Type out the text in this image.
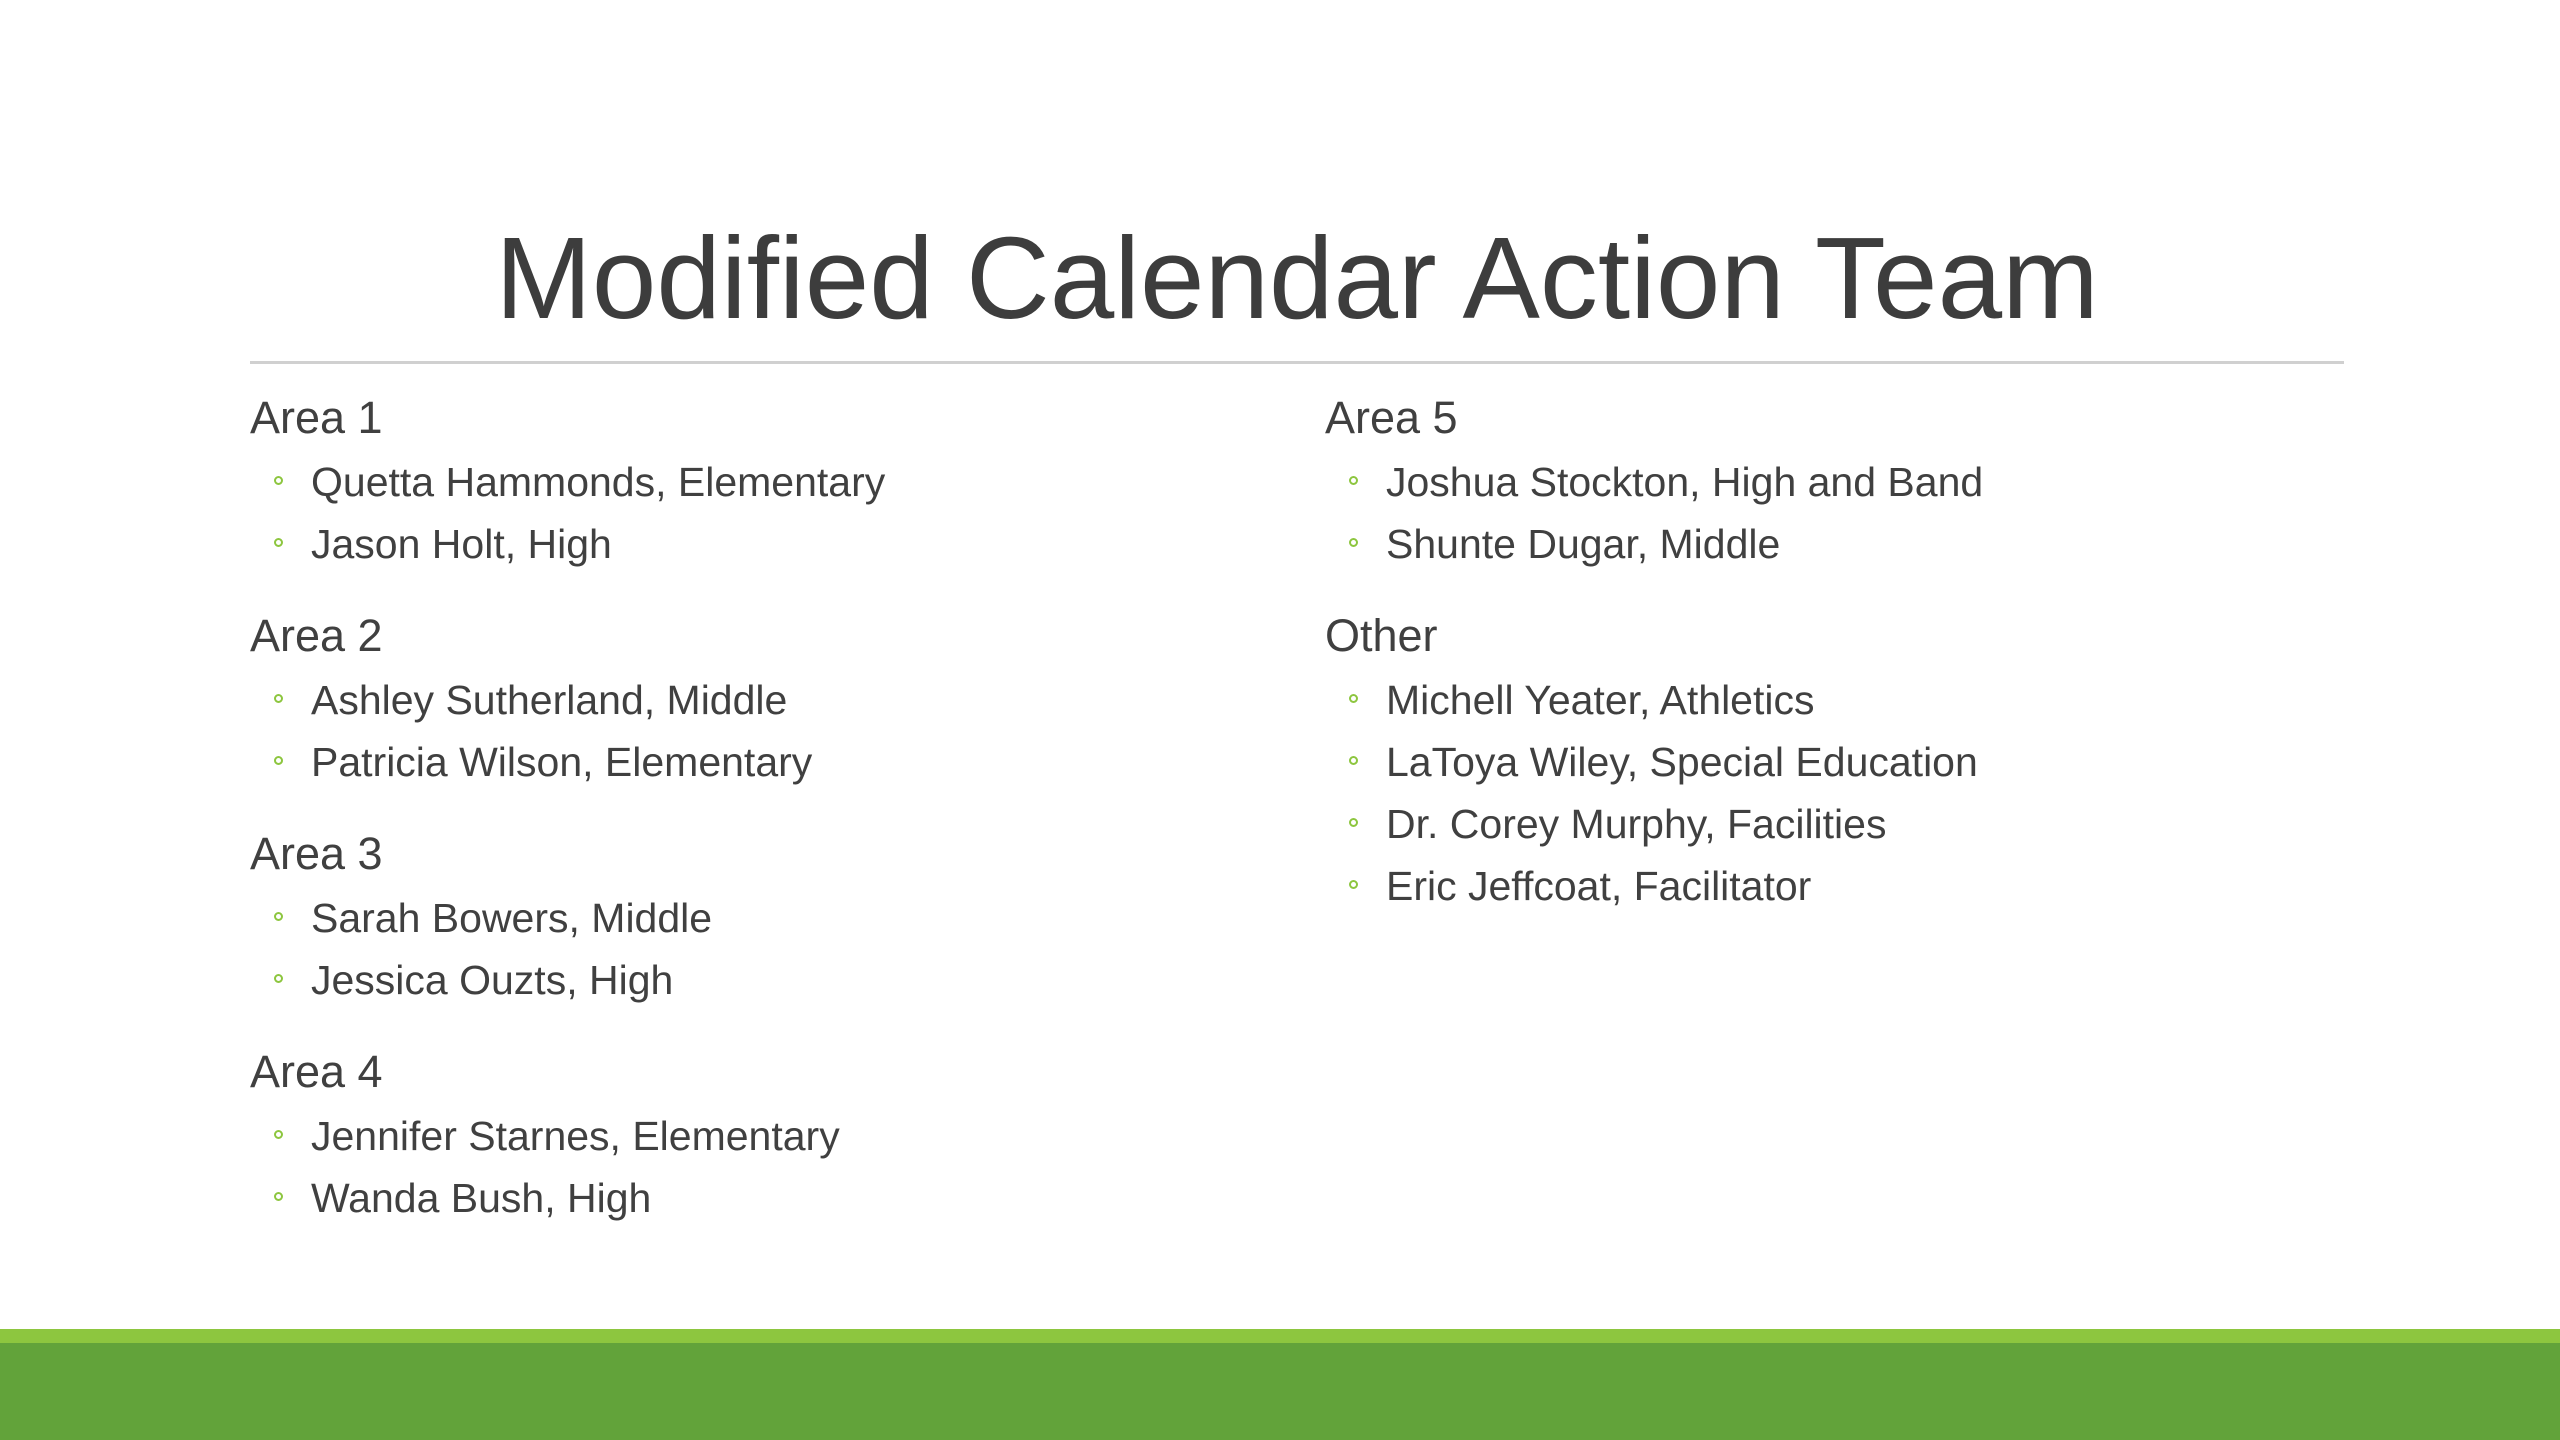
Modified Calendar Action Team
Area 1
Quetta Hammonds, Elementary
Jason Holt, High
Area 2
Ashley Sutherland, Middle
Patricia Wilson, Elementary
Area 3
Sarah Bowers, Middle
Jessica Ouzts, High
Area 4
Jennifer Starnes, Elementary
Wanda Bush, High
Area 5
Joshua Stockton, High and Band
Shunte Dugar, Middle
Other
Michell Yeater, Athletics
LaToya Wiley, Special Education
Dr. Corey Murphy, Facilities
Eric Jeffcoat, Facilitator
